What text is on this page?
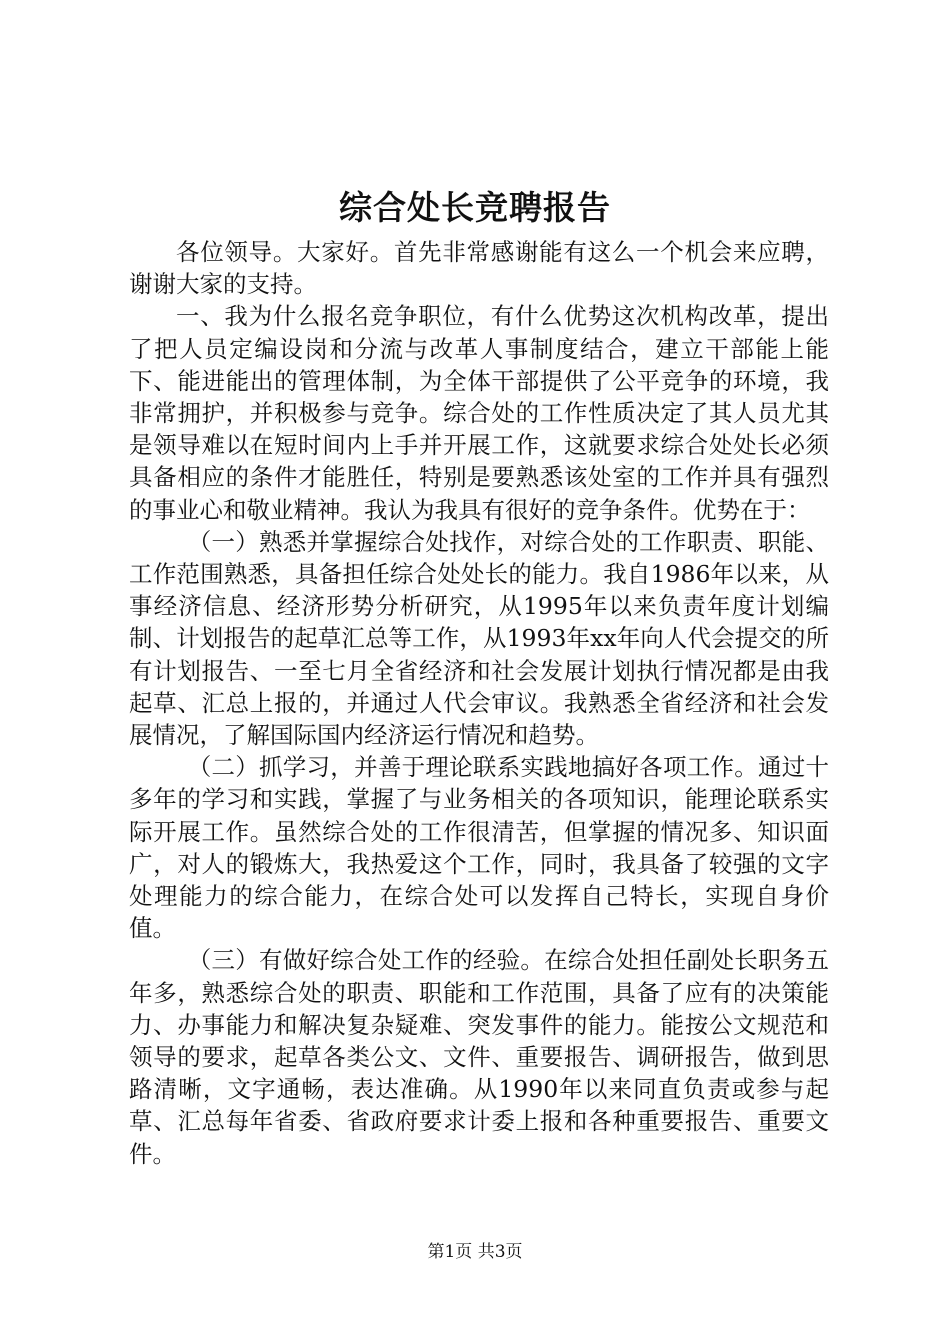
综合处长竞聘报告

各位领导。大家好。首先非常感谢能有这么一个机会来应聘，谢谢大家的支持。

一、我为什么报名竞争职位，有什么优势这次机构改革，提出了把人员定编设岗和分流与改革人事制度结合，建立干部能上能下、能进能出的管理体制，为全体干部提供了公平竞争的环境，我非常拥护，并积极参与竞争。综合处的工作性质决定了其人员尤其是领导难以在短时间内上手并开展工作，这就要求综合处处长必须具备相应的条件才能胜任，特别是要熟悉该处室的工作并具有强烈的事业心和敬业精神。我认为我具有很好的竞争条件。优势在于：

（一）熟悉并掌握综合处找作，对综合处的工作职责、职能、工作范围熟悉，具备担任综合处处长的能力。我自1986年以来，从事经济信息、经济形势分析研究，从1995年以来负责年度计划编制、计划报告的起草汇总等工作，从1993年xx年向人代会提交的所有计划报告、一至七月全省经济和社会发展计划执行情况都是由我起草、汇总上报的，并通过人代会审议。我熟悉全省经济和社会发展情况，了解国际国内经济运行情况和趋势。

（二）抓学习，并善于理论联系实践地搞好各项工作。通过十多年的学习和实践，掌握了与业务相关的各项知识，能理论联系实际开展工作。虽然综合处的工作很清苦，但掌握的情况多、知识面广，对人的锻炼大，我热爱这个工作，同时，我具备了较强的文字处理能力的综合能力，在综合处可以发挥自己特长，实现自身价值。

（三）有做好综合处工作的经验。在综合处担任副处长职务五年多，熟悉综合处的职责、职能和工作范围，具备了应有的决策能力、办事能力和解决复杂疑难、突发事件的能力。能按公文规范和领导的要求，起草各类公文、文件、重要报告、调研报告，做到思路清晰，文字通畅，表达准确。从1990年以来同直负责或参与起草、汇总每年省委、省政府要求计委上报和各种重要报告、重要文件。

第1页 共3页
